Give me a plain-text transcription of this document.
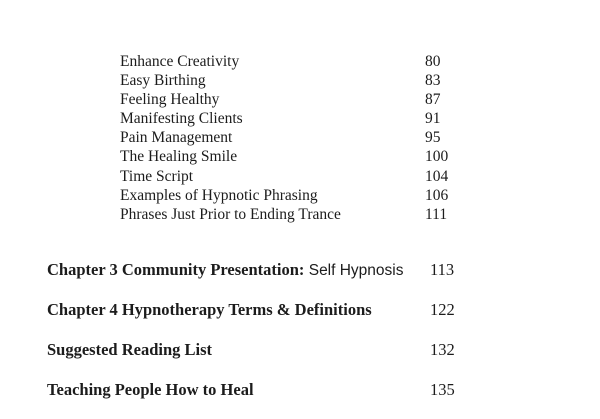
Enhance Creativity	80
Easy Birthing	83
Feeling Healthy	87
Manifesting Clients	91
Pain Management	95
The Healing Smile	100
Time Script	104
Examples of Hypnotic Phrasing	106
Phrases Just Prior to Ending Trance	111
Chapter 3 Community Presentation: Self Hypnosis 113
Chapter 4 Hypnotherapy Terms & Definitions	122
Suggested Reading List	132
Teaching People How to Heal	135
